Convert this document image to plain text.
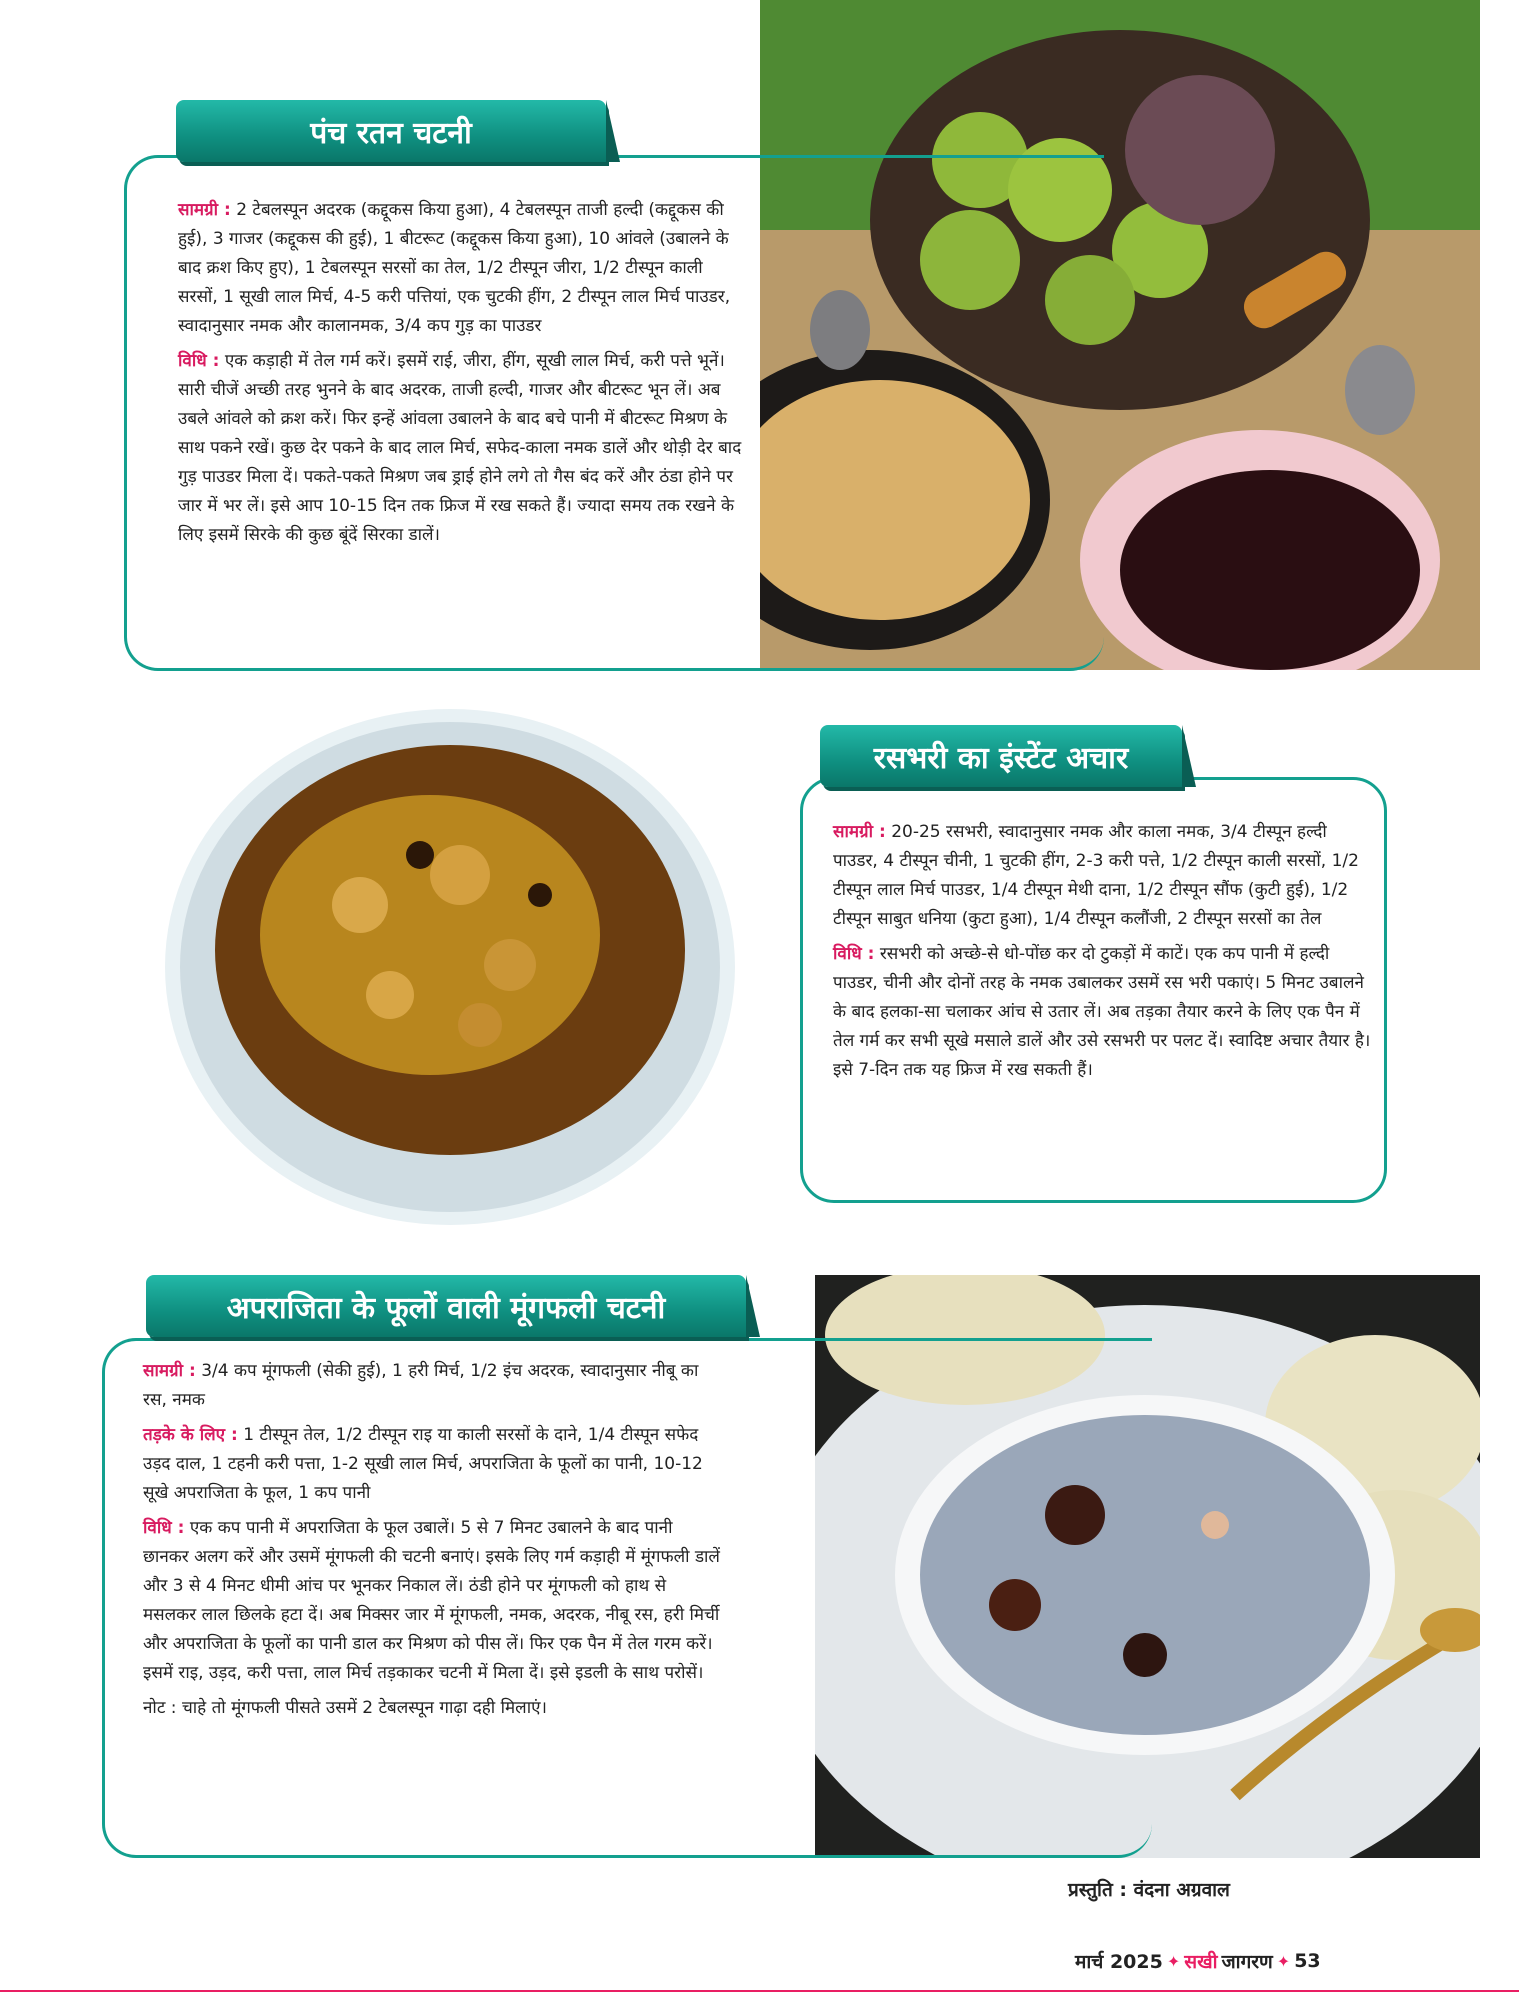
पंच रतन चटनी

सामग्री : 2 टेबलस्पून अदरक (कद्दूकस किया हुआ), 4 टेबलस्पून ताजी हल्दी (कद्दूकस की हुई), 3 गाजर (कद्दूकस की हुई), 1 बीटरूट (कद्दूकस किया हुआ), 10 आंवले (उबालने के बाद क्रश किए हुए), 1 टेबलस्पून सरसों का तेल, 1/2 टीस्पून जीरा, 1/2 टीस्पून काली सरसों, 1 सूखी लाल मिर्च, 4-5 करी पत्तियां, एक चुटकी हींग, 2 टीस्पून लाल मिर्च पाउडर, स्वादानुसार नमक और कालानमक, 3/4 कप गुड़ का पाउडर

विधि : एक कड़ाही में तेल गर्म करें। इसमें राई, जीरा, हींग, सूखी लाल मिर्च, करी पत्ते भूनें। सारी चीजें अच्छी तरह भुनने के बाद अदरक, ताजी हल्दी, गाजर और बीटरूट भून लें। अब उबले आंवले को क्रश करें। फिर इन्हें आंवला उबालने के बाद बचे पानी में बीटरूट मिश्रण के साथ पकने रखें। कुछ देर पकने के बाद लाल मिर्च, सफेद-काला नमक डालें और थोड़ी देर बाद गुड़ पाउडर मिला दें। पकते-पकते मिश्रण जब ड्राई होने लगे तो गैस बंद करें और ठंडा होने पर जार में भर लें। इसे आप 10-15 दिन तक फ्रिज में रख सकते हैं। ज्यादा समय तक रखने के लिए इसमें सिरके की कुछ बूंदें सिरका डालें।

रसभरी का इंस्टेंट अचार

सामग्री : 20-25 रसभरी, स्वादानुसार नमक और काला नमक, 3/4 टीस्पून हल्दी पाउडर, 4 टीस्पून चीनी, 1 चुटकी हींग, 2-3 करी पत्ते, 1/2 टीस्पून काली सरसों, 1/2 टीस्पून लाल मिर्च पाउडर, 1/4 टीस्पून मेथी दाना, 1/2 टीस्पून सौंफ (कुटी हुई), 1/2 टीस्पून साबुत धनिया (कुटा हुआ), 1/4 टीस्पून कलौंजी, 2 टीस्पून सरसों का तेल

विधि : रसभरी को अच्छे-से धो-पोंछ कर दो टुकड़ों में काटें। एक कप पानी में हल्दी पाउडर, चीनी और दोनों तरह के नमक उबालकर उसमें रस भरी पकाएं। 5 मिनट उबालने के बाद हलका-सा चलाकर आंच से उतार लें। अब तड़का तैयार करने के लिए एक पैन में तेल गर्म कर सभी सूखे मसाले डालें और उसे रसभरी पर पलट दें। स्वादिष्ट अचार तैयार है। इसे 7-दिन तक यह फ्रिज में रख सकती हैं।

अपराजिता के फूलों वाली मूंगफली चटनी

सामग्री : 3/4 कप मूंगफली (सेकी हुई), 1 हरी मिर्च, 1/2 इंच अदरक, स्वादानुसार नीबू का रस, नमक

तड़के के लिए : 1 टीस्पून तेल, 1/2 टीस्पून राइ या काली सरसों के दाने, 1/4 टीस्पून सफेद उड़द दाल, 1 टहनी करी पत्ता, 1-2 सूखी लाल मिर्च, अपराजिता के फूलों का पानी, 10-12 सूखे अपराजिता के फूल, 1 कप पानी

विधि : एक कप पानी में अपराजिता के फूल उबालें। 5 से 7 मिनट उबालने के बाद पानी छानकर अलग करें और उसमें मूंगफली की चटनी बनाएं। इसके लिए गर्म कड़ाही में मूंगफली डालें और 3 से 4 मिनट धीमी आंच पर भूनकर निकाल लें। ठंडी होने पर मूंगफली को हाथ से मसलकर लाल छिलके हटा दें। अब मिक्सर जार में मूंगफली, नमक, अदरक, नीबू रस, हरी मिर्ची और अपराजिता के फूलों का पानी डाल कर मिश्रण को पीस लें। फिर एक पैन में तेल गरम करें। इसमें राइ, उड़द, करी पत्ता, लाल मिर्च तड़काकर चटनी में मिला दें। इसे इडली के साथ परोसें।

नोट : चाहे तो मूंगफली पीसते उसमें 2 टेबलस्पून गाढ़ा दही मिलाएं।

प्रस्तुति : वंदना अग्रवाल
मार्च 2025 ✦ सखी जागरण ✦ 53
